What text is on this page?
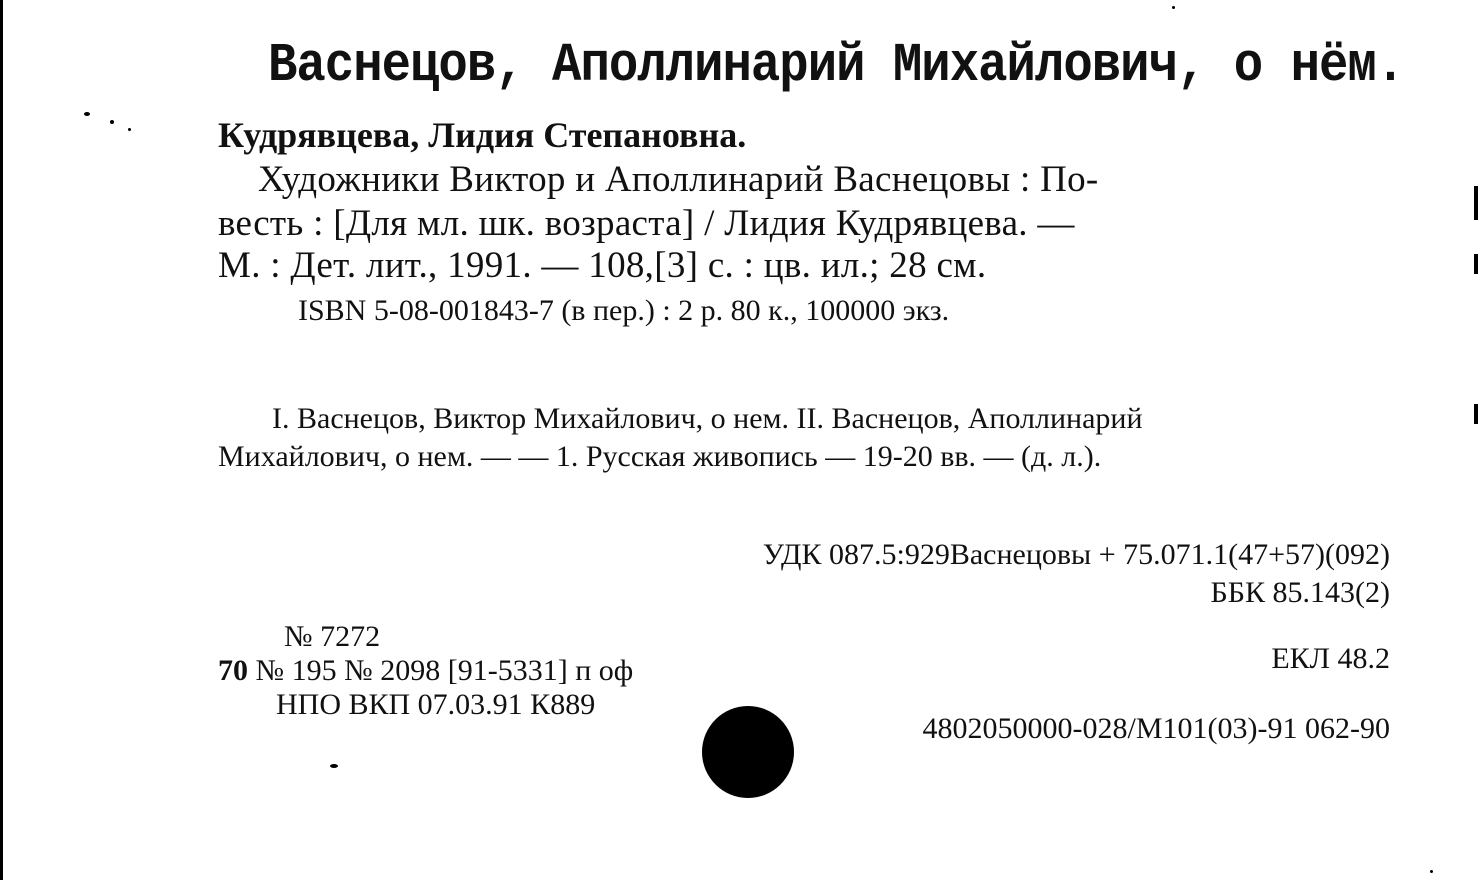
Васнецов, Аполлинарий Михайлович, о нём.
Кудрявцева, Лидия Степановна.
Художники Виктор и Аполлинарий Васнецовы : По-
весть : [Для мл. шк. возраста] / Лидия Кудрявцева. —
М. : Дет. лит., 1991. — 108,[3] с. : цв. ил.; 28 см.
ISBN 5-08-001843-7 (в пер.) : 2 р. 80 к., 100000 экз.
I. Васнецов, Виктор Михайлович, о нем. II. Васнецов, Аполлинарий
Михайлович, о нем. — — 1. Русская живопись — 19-20 вв. — (д. л.).
УДК 087.5:929Васнецовы + 75.071.1(47+57)(092)
ББК 85.143(2)
№ 7272
70 № 195 № 2098 [91-5331] п оф	ЕКЛ 48.2
НПО ВКП 07.03.91 К889
4802050000-028/М101(03)-91 062-90
